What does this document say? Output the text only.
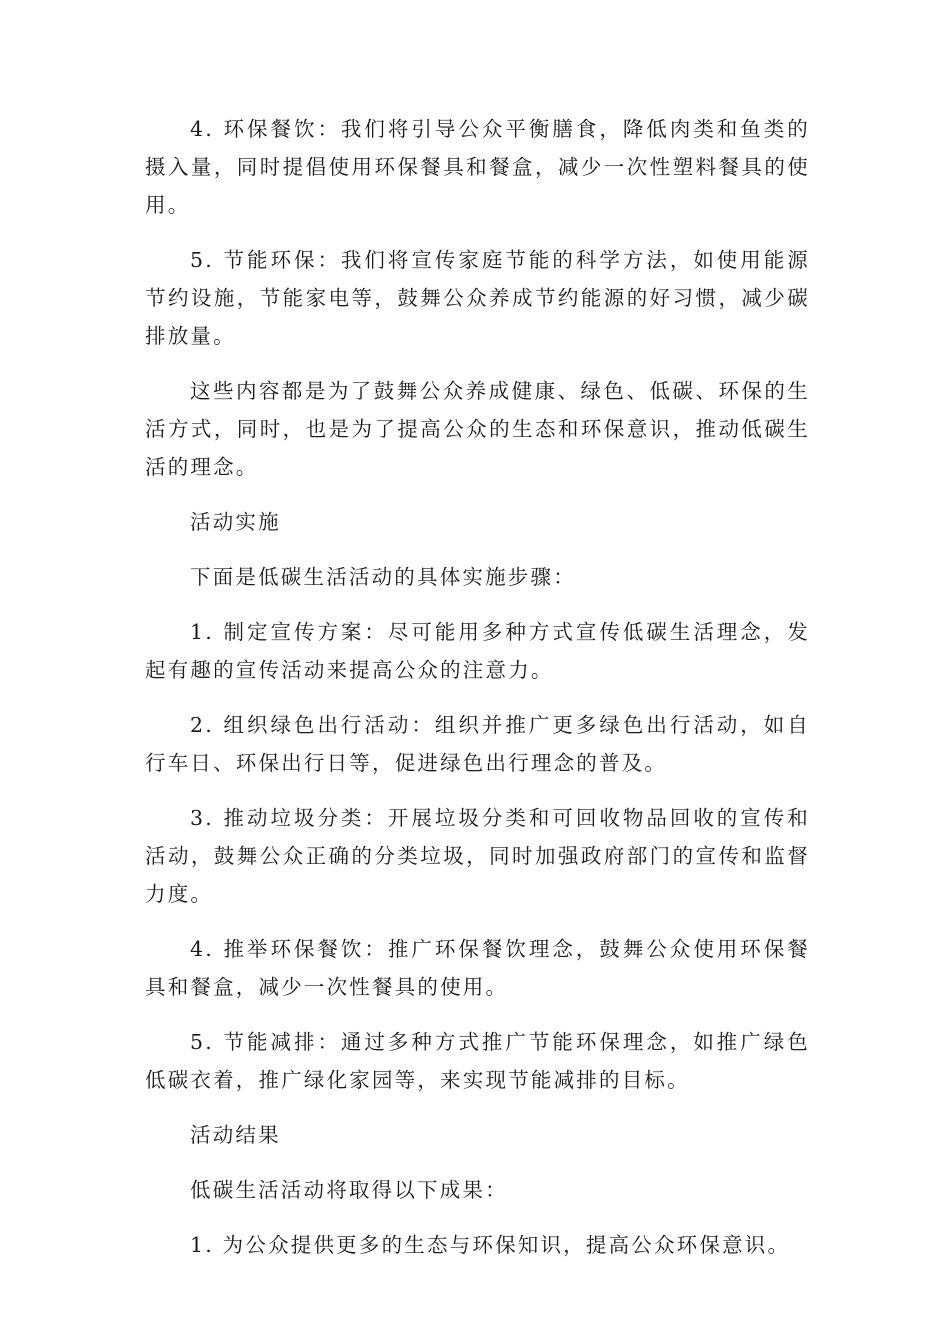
4. 环保餐饮：我们将引导公众平衡膳食，降低肉类和鱼类的摄入量，同时提倡使用环保餐具和餐盒，减少一次性塑料餐具的使用。

5. 节能环保：我们将宣传家庭节能的科学方法，如使用能源节约设施，节能家电等，鼓舞公众养成节约能源的好习惯，减少碳排放量。

这些内容都是为了鼓舞公众养成健康、绿色、低碳、环保的生活方式，同时，也是为了提高公众的生态和环保意识，推动低碳生活的理念。

活动实施

下面是低碳生活活动的具体实施步骤：

1. 制定宣传方案：尽可能用多种方式宣传低碳生活理念，发起有趣的宣传活动来提高公众的注意力。

2. 组织绿色出行活动：组织并推广更多绿色出行活动，如自行车日、环保出行日等，促进绿色出行理念的普及。

3. 推动垃圾分类：开展垃圾分类和可回收物品回收的宣传和活动，鼓舞公众正确的分类垃圾，同时加强政府部门的宣传和监督力度。

4. 推举环保餐饮：推广环保餐饮理念，鼓舞公众使用环保餐具和餐盒，减少一次性餐具的使用。

5. 节能减排：通过多种方式推广节能环保理念，如推广绿色低碳衣着，推广绿化家园等，来实现节能减排的目标。

活动结果

低碳生活活动将取得以下成果：

1. 为公众提供更多的生态与环保知识，提高公众环保意识。
